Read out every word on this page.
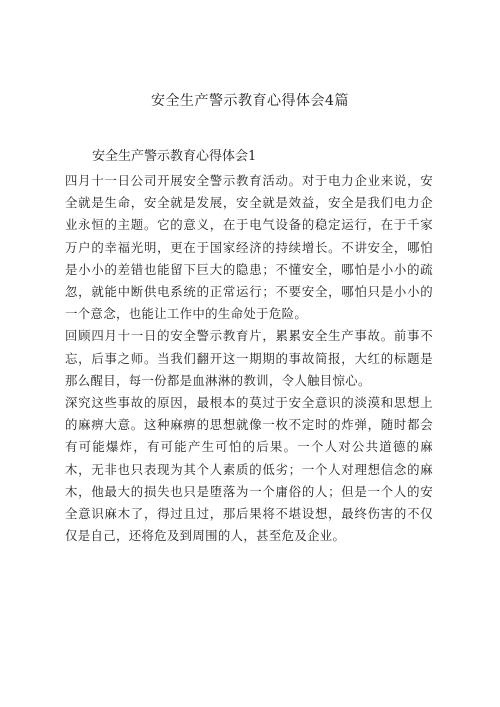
安全生产警示教育心得体会4篇
安全生产警示教育心得体会1

四月十一日公司开展安全警示教育活动。对于电力企业来说，安全就是生命，安全就是发展，安全就是效益，安全是我们电力企业永恒的主题。它的意义，在于电气设备的稳定运行，在于千家万户的幸福光明，更在于国家经济的持续增长。不讲安全，哪怕是小小的差错也能留下巨大的隐患；不懂安全，哪怕是小小的疏忽，就能中断供电系统的正常运行；不要安全，哪怕只是小小的一个意念，也能让工作中的生命处于危险。

回顾四月十一日的安全警示教育片，累累安全生产事故。前事不忘，后事之师。当我们翻开这一期期的事故简报，大红的标题是那么醒目，每一份都是血淋淋的教训，令人触目惊心。

深究这些事故的原因，最根本的莫过于安全意识的淡漠和思想上的麻痹大意。这种麻痹的思想就像一枚不定时的炸弹，随时都会有可能爆炸，有可能产生可怕的后果。一个人对公共道德的麻木，无非也只表现为其个人素质的低劣；一个人对理想信念的麻木，他最大的损失也只是堕落为一个庸俗的人；但是一个人的安全意识麻木了，得过且过，那后果将不堪设想，最终伤害的不仅仅是自己，还将危及到周围的人，甚至危及企业。
